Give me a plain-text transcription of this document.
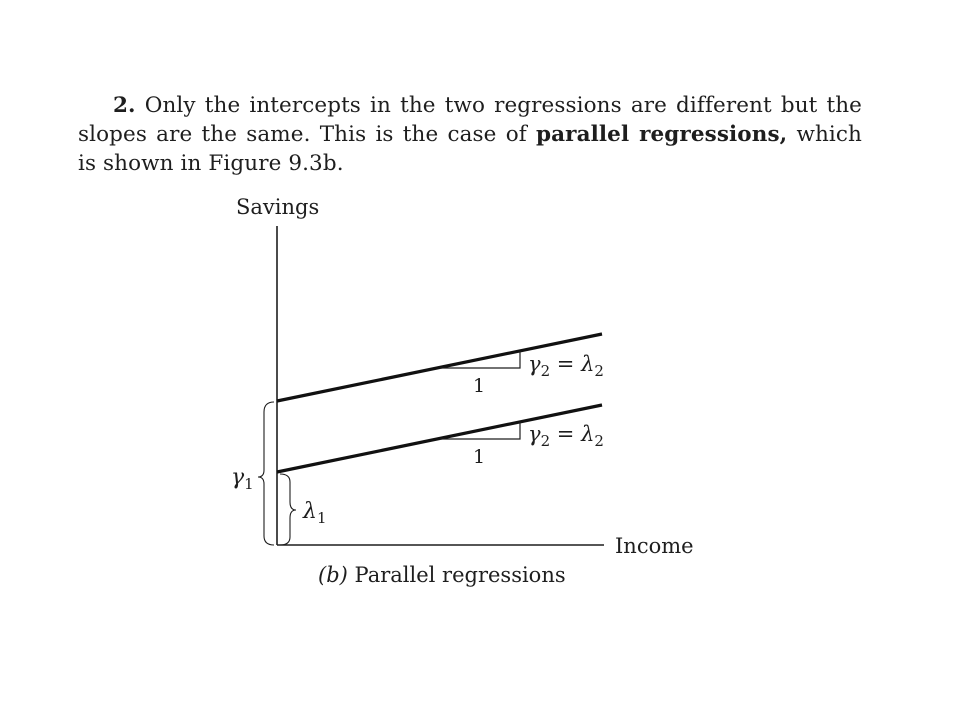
2. Only the intercepts in the two regressions are different but the slopes are the same. This is the case of parallel regressions, which is shown in Figure 9.3b.

Savings
Income
1
$\gamma_2 = \lambda_2$
1
$\gamma_2 = \lambda_2$
$\gamma_1$
$\lambda_1$
(b) Parallel regressions
